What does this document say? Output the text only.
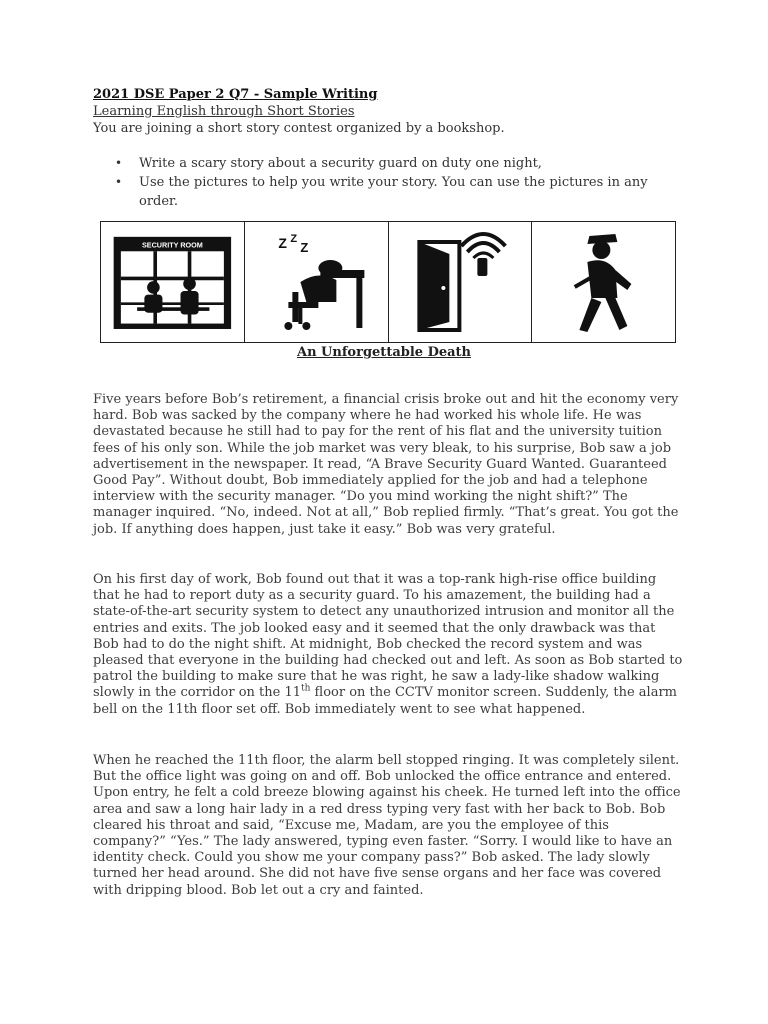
2021 DSE Paper 2 Q7 - Sample Writing
Learning English through Short Stories
You are joining a short story contest organized by a bookshop.
• Write a scary story about a security guard on duty one night,
• Use the pictures to help you write your story. You can use the pictures in any order.
SECURITY ROOM	Z Z
Z
An Unforgettable Death

Five years before Bob’s retirement, a financial crisis broke out and hit the economy very hard. Bob was sacked by the company where he had worked his whole life. He was devastated because he still had to pay for the rent of his flat and the university tuition fees of his only son. While the job market was very bleak, to his surprise, Bob saw a job advertisement in the newspaper. It read, “A Brave Security Guard Wanted. Guaranteed Good Pay”. Without doubt, Bob immediately applied for the job and had a telephone interview with the security manager. “Do you mind working the night shift?” The manager inquired. “No, indeed. Not at all,” Bob replied firmly. “That’s great. You got the job. If anything does happen, just take it easy.” Bob was very grateful.

On his first day of work, Bob found out that it was a top-rank high-rise office building that he had to report duty as a security guard. To his amazement, the building had a state-of-the-art security system to detect any unauthorized intrusion and monitor all the entries and exits. The job looked easy and it seemed that the only drawback was that Bob had to do the night shift. At midnight, Bob checked the record system and was pleased that everyone in the building had checked out and left. As soon as Bob started to patrol the building to make sure that he was right, he saw a lady-like shadow walking slowly in the corridor on the 11th floor on the CCTV monitor screen. Suddenly, the alarm bell on the 11th floor set off. Bob immediately went to see what happened.

When he reached the 11th floor, the alarm bell stopped ringing. It was completely silent. But the office light was going on and off. Bob unlocked the office entrance and entered. Upon entry, he felt a cold breeze blowing against his cheek. He turned left into the office area and saw a long hair lady in a red dress typing very fast with her back to Bob. Bob cleared his throat and said, “Excuse me, Madam, are you the employee of this company?” “Yes.” The lady answered, typing even faster. “Sorry. I would like to have an identity check. Could you show me your company pass?” Bob asked. The lady slowly turned her head around. She did not have five sense organs and her face was covered with dripping blood. Bob let out a cry and fainted.
